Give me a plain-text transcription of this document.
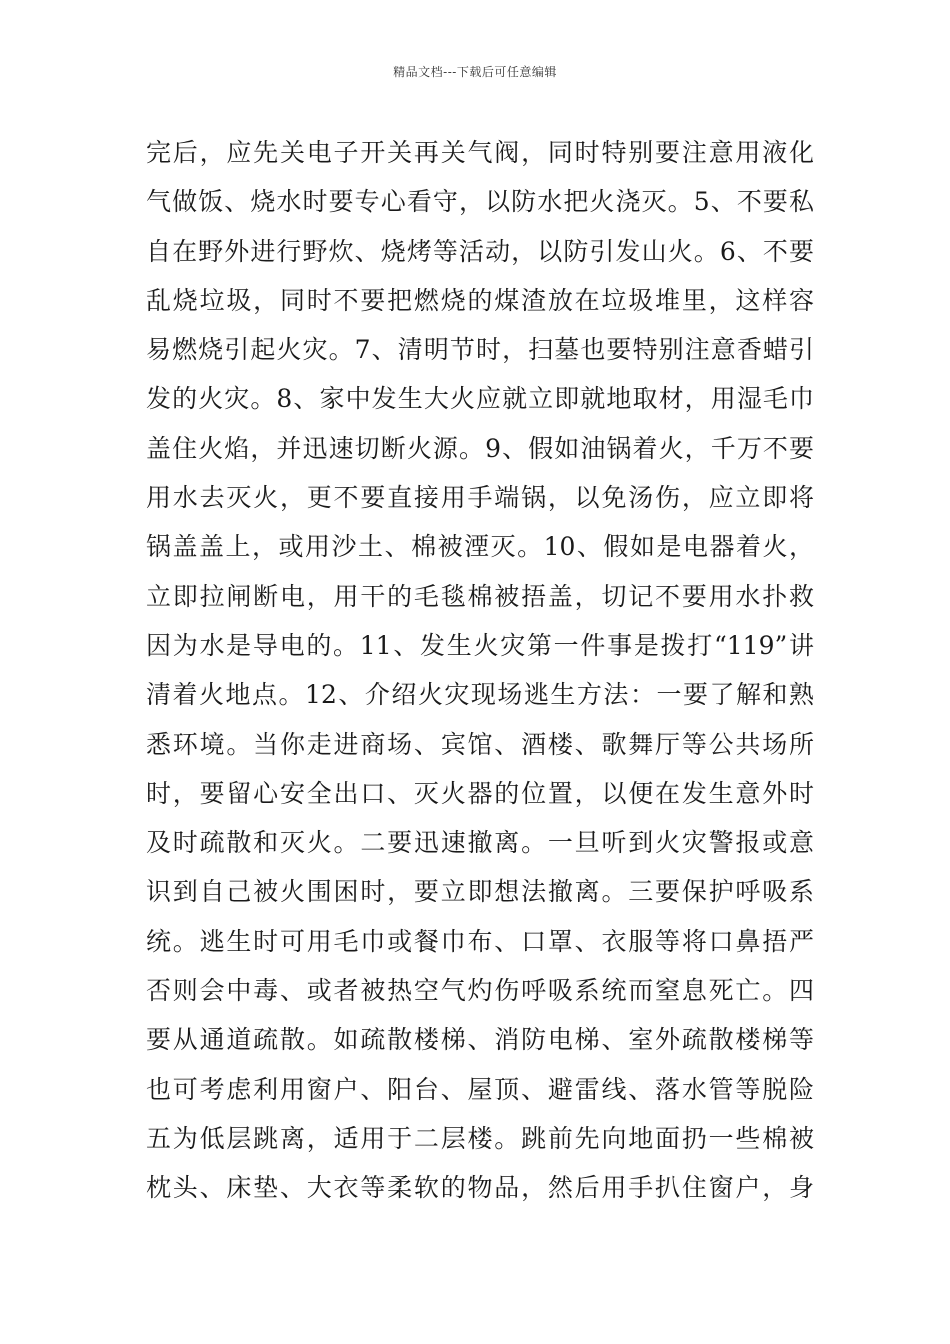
精品文档---下载后可任意编辑
完后，应先关电子开关再关气阀，同时特别要注意用液化
气做饭、烧水时要专心看守，以防水把火浇灭。5、不要私
自在野外进行野炊、烧烤等活动，以防引发山火。6、不要
乱烧垃圾，同时不要把燃烧的煤渣放在垃圾堆里，这样容
易燃烧引起火灾。7、清明节时，扫墓也要特别注意香蜡引
发的火灾。8、家中发生大火应就立即就地取材，用湿毛巾
盖住火焰，并迅速切断火源。9、假如油锅着火，千万不要
用水去灭火，更不要直接用手端锅，以免汤伤，应立即将
锅盖盖上，或用沙土、棉被湮灭。10、假如是电器着火，
立即拉闸断电，用干的毛毯棉被捂盖，切记不要用水扑救
因为水是导电的。11、发生火灾第一件事是拨打“119”讲
清着火地点。12、介绍火灾现场逃生方法：一要了解和熟
悉环境。当你走进商场、宾馆、酒楼、歌舞厅等公共场所
时，要留心安全出口、灭火器的位置，以便在发生意外时
及时疏散和灭火。二要迅速撤离。一旦听到火灾警报或意
识到自己被火围困时，要立即想法撤离。三要保护呼吸系
统。逃生时可用毛巾或餐巾布、口罩、衣服等将口鼻捂严
否则会中毒、或者被热空气灼伤呼吸系统而窒息死亡。四
要从通道疏散。如疏散楼梯、消防电梯、室外疏散楼梯等
也可考虑利用窗户、阳台、屋顶、避雷线、落水管等脱险
五为低层跳离，适用于二层楼。跳前先向地面扔一些棉被
枕头、床垫、大衣等柔软的物品，然后用手扒住窗户，身
